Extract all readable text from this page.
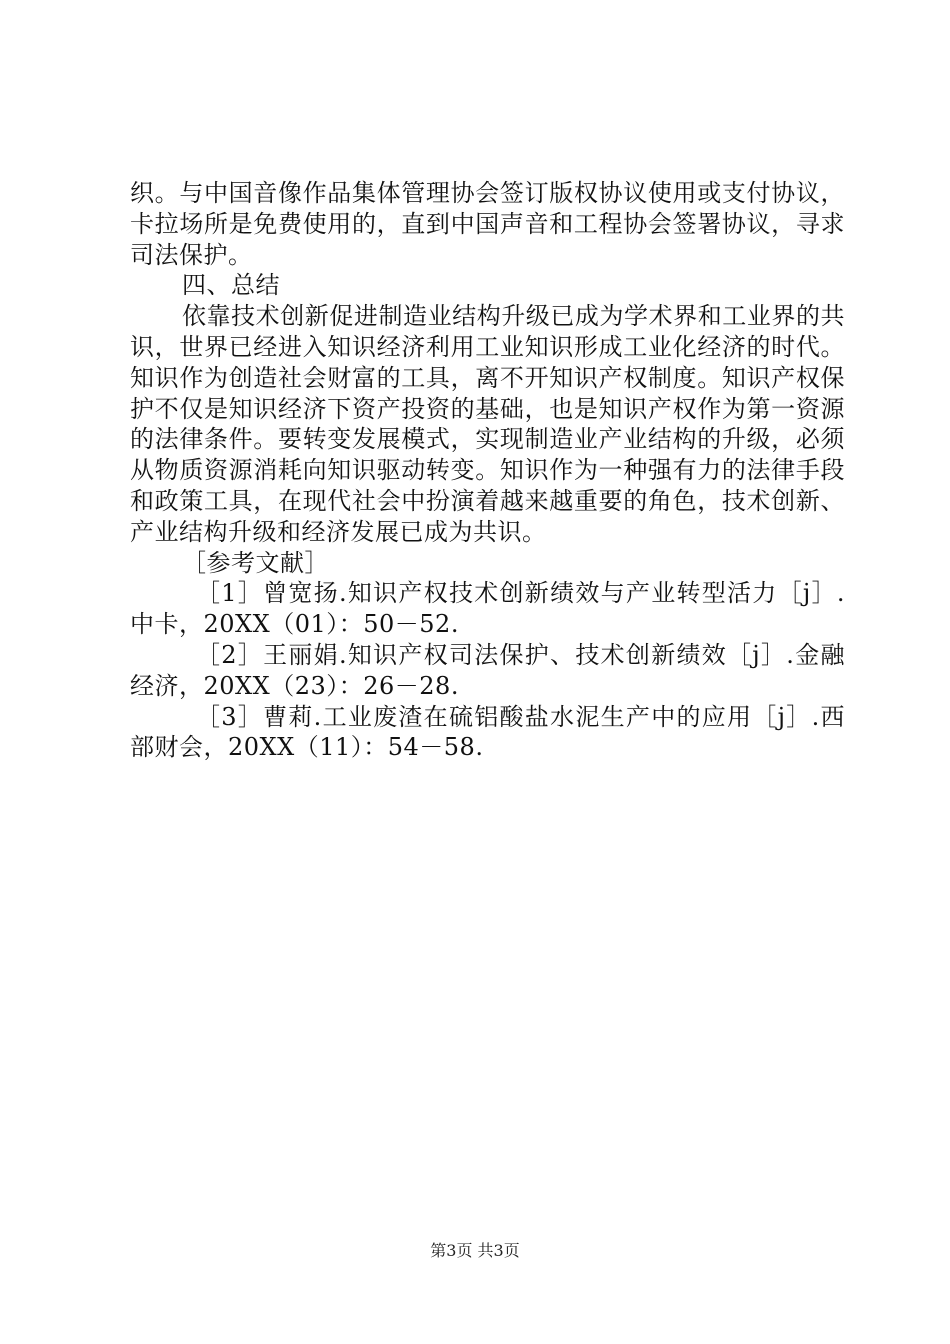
织。与中国音像作品集体管理协会签订版权协议使用或支付协议，卡拉场所是免费使用的，直到中国声音和工程协会签署协议，寻求司法保护。

四、总结

依靠技术创新促进制造业结构升级已成为学术界和工业界的共识，世界已经进入知识经济利用工业知识形成工业化经济的时代。知识作为创造社会财富的工具，离不开知识产权制度。知识产权保护不仅是知识经济下资产投资的基础，也是知识产权作为第一资源的法律条件。要转变发展模式，实现制造业产业结构的升级，必须从物质资源消耗向知识驱动转变。知识作为一种强有力的法律手段和政策工具，在现代社会中扮演着越来越重要的角色，技术创新、产业结构升级和经济发展已成为共识。

［参考文献］

［1］曾宽扬.知识产权技术创新绩效与产业转型活力［j］.中卡，20XX（01）：50－52.

［2］王丽娟.知识产权司法保护、技术创新绩效［j］.金融经济，20XX（23）：26－28.

［3］曹莉.工业废渣在硫铝酸盐水泥生产中的应用［j］.西部财会，20XX（11）：54－58.

第3页 共3页
